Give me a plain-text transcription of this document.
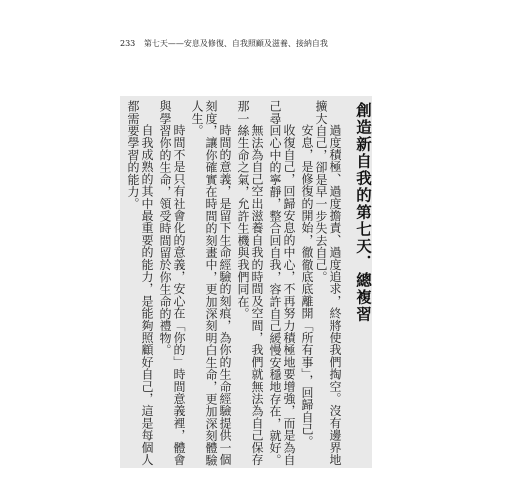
233 第七天——安息及修復、自我照顧及滋養、接納自我
創造新自我的第七天．總複習

過度積極、過度擔責、過度追求，終將使我們掏空。沒有邊界地擴大自己，卻是早一步失去自己。

安息，是修復的開始，徹徹底底離開「所有事」，回歸自己。

收復自己，回歸安息的中心，不再努力積極地要增強，而是為自己尋回心中的寧靜，整合回自我，容許自己緩慢安穩地存在，就好。

無法為自己空出滋養自我的時間及空間，我們就無法為自己保存那一絲生命之氣，允許生機與我們同在。

時間的意義，是留下生命經驗的刻痕，為你的生命經驗提供一個刻度，讓你確實在時間的刻畫中，更加深刻明白生命，更加深刻體驗人生。

時間不是只有社會化的意義，安心在「你的」時間意義裡，體會與學習你的生命，領受時間留於你生命的禮物。

自我成熟的其中最重要的能力，是能夠照顧好自己，這是每個人都需要學習的能力。
